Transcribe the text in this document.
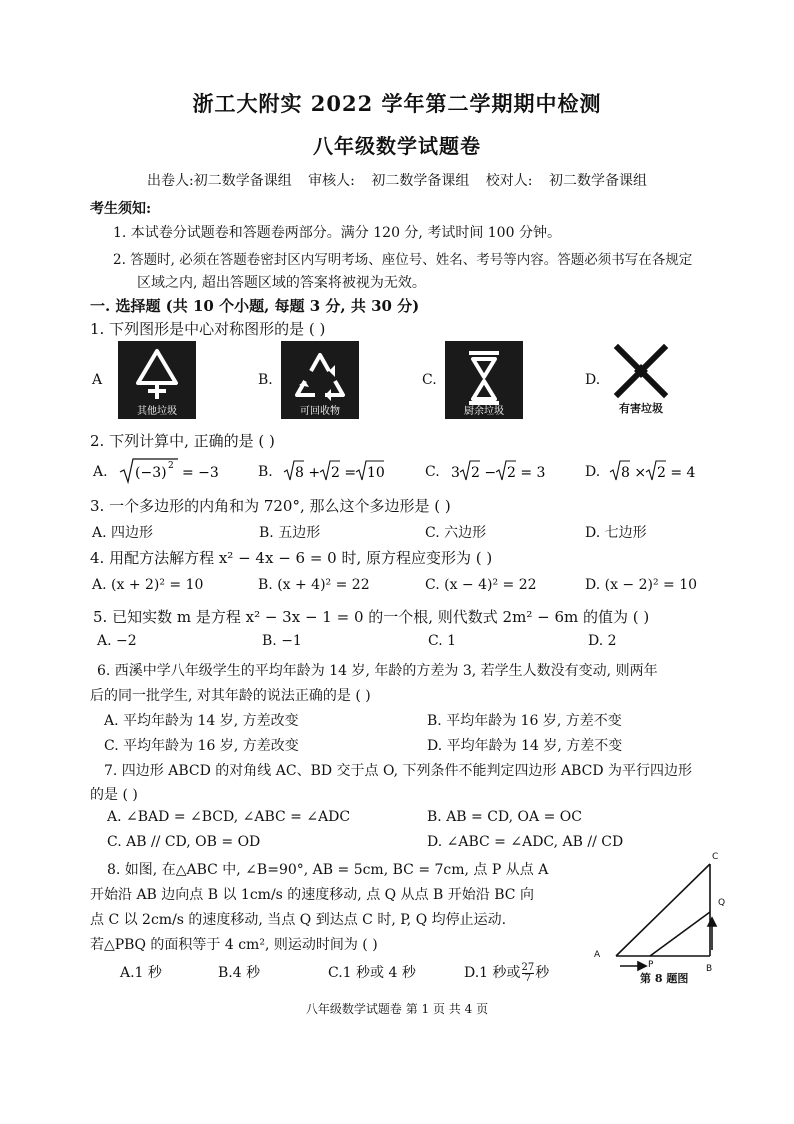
浙工大附实 2022 学年第二学期期中检测
八年级数学试题卷
出卷人:初二数学备课组 审核人: 初二数学备课组 校对人: 初二数学备课组
考生须知:
1. 本试卷分试题卷和答题卷两部分。满分 120 分, 考试时间 100 分钟。
2. 答题时, 必须在答题卷密封区内写明考场、座位号、姓名、考号等内容。答题必须书写在各规定
区域之内, 超出答题区域的答案将被视为无效。
一. 选择题 (共 10 个小题, 每题 3 分, 共 30 分)
1. 下列图形是中心对称图形的是 ( )
A
其他垃圾
B.
可回收物
C.
厨余垃圾
D.
有害垃圾
2. 下列计算中, 正确的是 ( )
A. (−3) 2 = −3	B. 8 + 2 = 10	C. 3 2 − 2 = 3	D. 8 × 2 = 4
3. 一个多边形的内角和为 720°, 那么这个多边形是 ( )
A. 四边形	B. 五边形	C. 六边形	D. 七边形
4. 用配方法解方程 x² − 4x − 6 = 0 时, 原方程应变形为 ( )
A. (x + 2)² = 10	B. (x + 4)² = 22	C. (x − 4)² = 22	D. (x − 2)² = 10
5. 已知实数 m 是方程 x² − 3x − 1 = 0 的一个根, 则代数式 2m² − 6m 的值为 ( )
A. −2	B. −1	C. 1	D. 2
6. 西溪中学八年级学生的平均年龄为 14 岁, 年龄的方差为 3, 若学生人数没有变动, 则两年
后的同一批学生, 对其年龄的说法正确的是 ( )
A. 平均年龄为 14 岁, 方差改变	B. 平均年龄为 16 岁, 方差不变
C. 平均年龄为 16 岁, 方差改变	D. 平均年龄为 14 岁, 方差不变
7. 四边形 ABCD 的对角线 AC、BD 交于点 O, 下列条件不能判定四边形 ABCD 为平行四边形
的是 ( )
A. ∠BAD = ∠BCD, ∠ABC = ∠ADC	B. AB = CD, OA = OC
C. AB // CD, OB = OD	D. ∠ABC = ∠ADC, AB // CD
8. 如图, 在△ABC 中, ∠B=90°, AB = 5cm, BC = 7cm, 点 P 从点 A
开始沿 AB 边向点 B 以 1cm/s 的速度移动, 点 Q 从点 B 开始沿 BC 向
点 C 以 2cm/s 的速度移动, 当点 Q 到达点 C 时, P, Q 均停止运动.
若△PBQ 的面积等于 4 cm², 则运动时间为 ( )
A.1 秒	B.4 秒	C.1 秒或 4 秒	D.1 秒或 $\frac{27}{7}$ 秒
C
Q
A
P	B
第 8 题图
八年级数学试题卷 第 1 页 共 4 页
